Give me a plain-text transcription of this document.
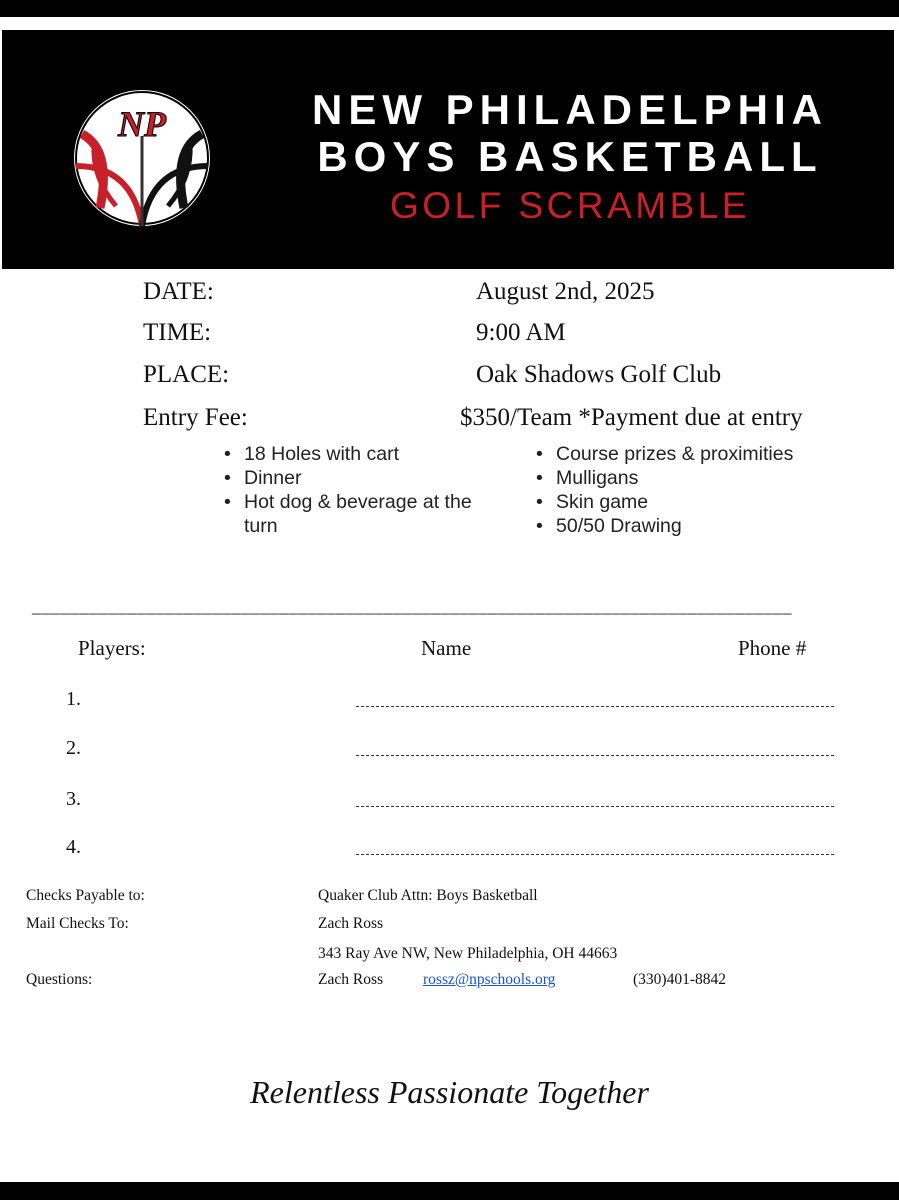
NP	NEW PHILADELPHIA
BOYS BASKETBALL
GOLF SCRAMBLE
DATE:	August 2nd, 2025
TIME:	9:00 AM
PLACE:	Oak Shadows Golf Club
Entry Fee:	$350/Team *Payment due at entry
• 18 Holes with cart
• Dinner
• Hot dog & beverage at the turn
• Course prizes & proximities
• Mulligans
• Skin game
• 50/50 Drawing
________________________________________________________________________________
Players:	Name	Phone #
1.
2.
3.
4.
Checks Payable to:	Quaker Club Attn: Boys Basketball
Mail Checks To:	Zach Ross
343 Ray Ave NW, New Philadelphia, OH 44663
Questions:	Zach Ross	rossz@npschools.org	(330)401-8842
Relentless Passionate Together
